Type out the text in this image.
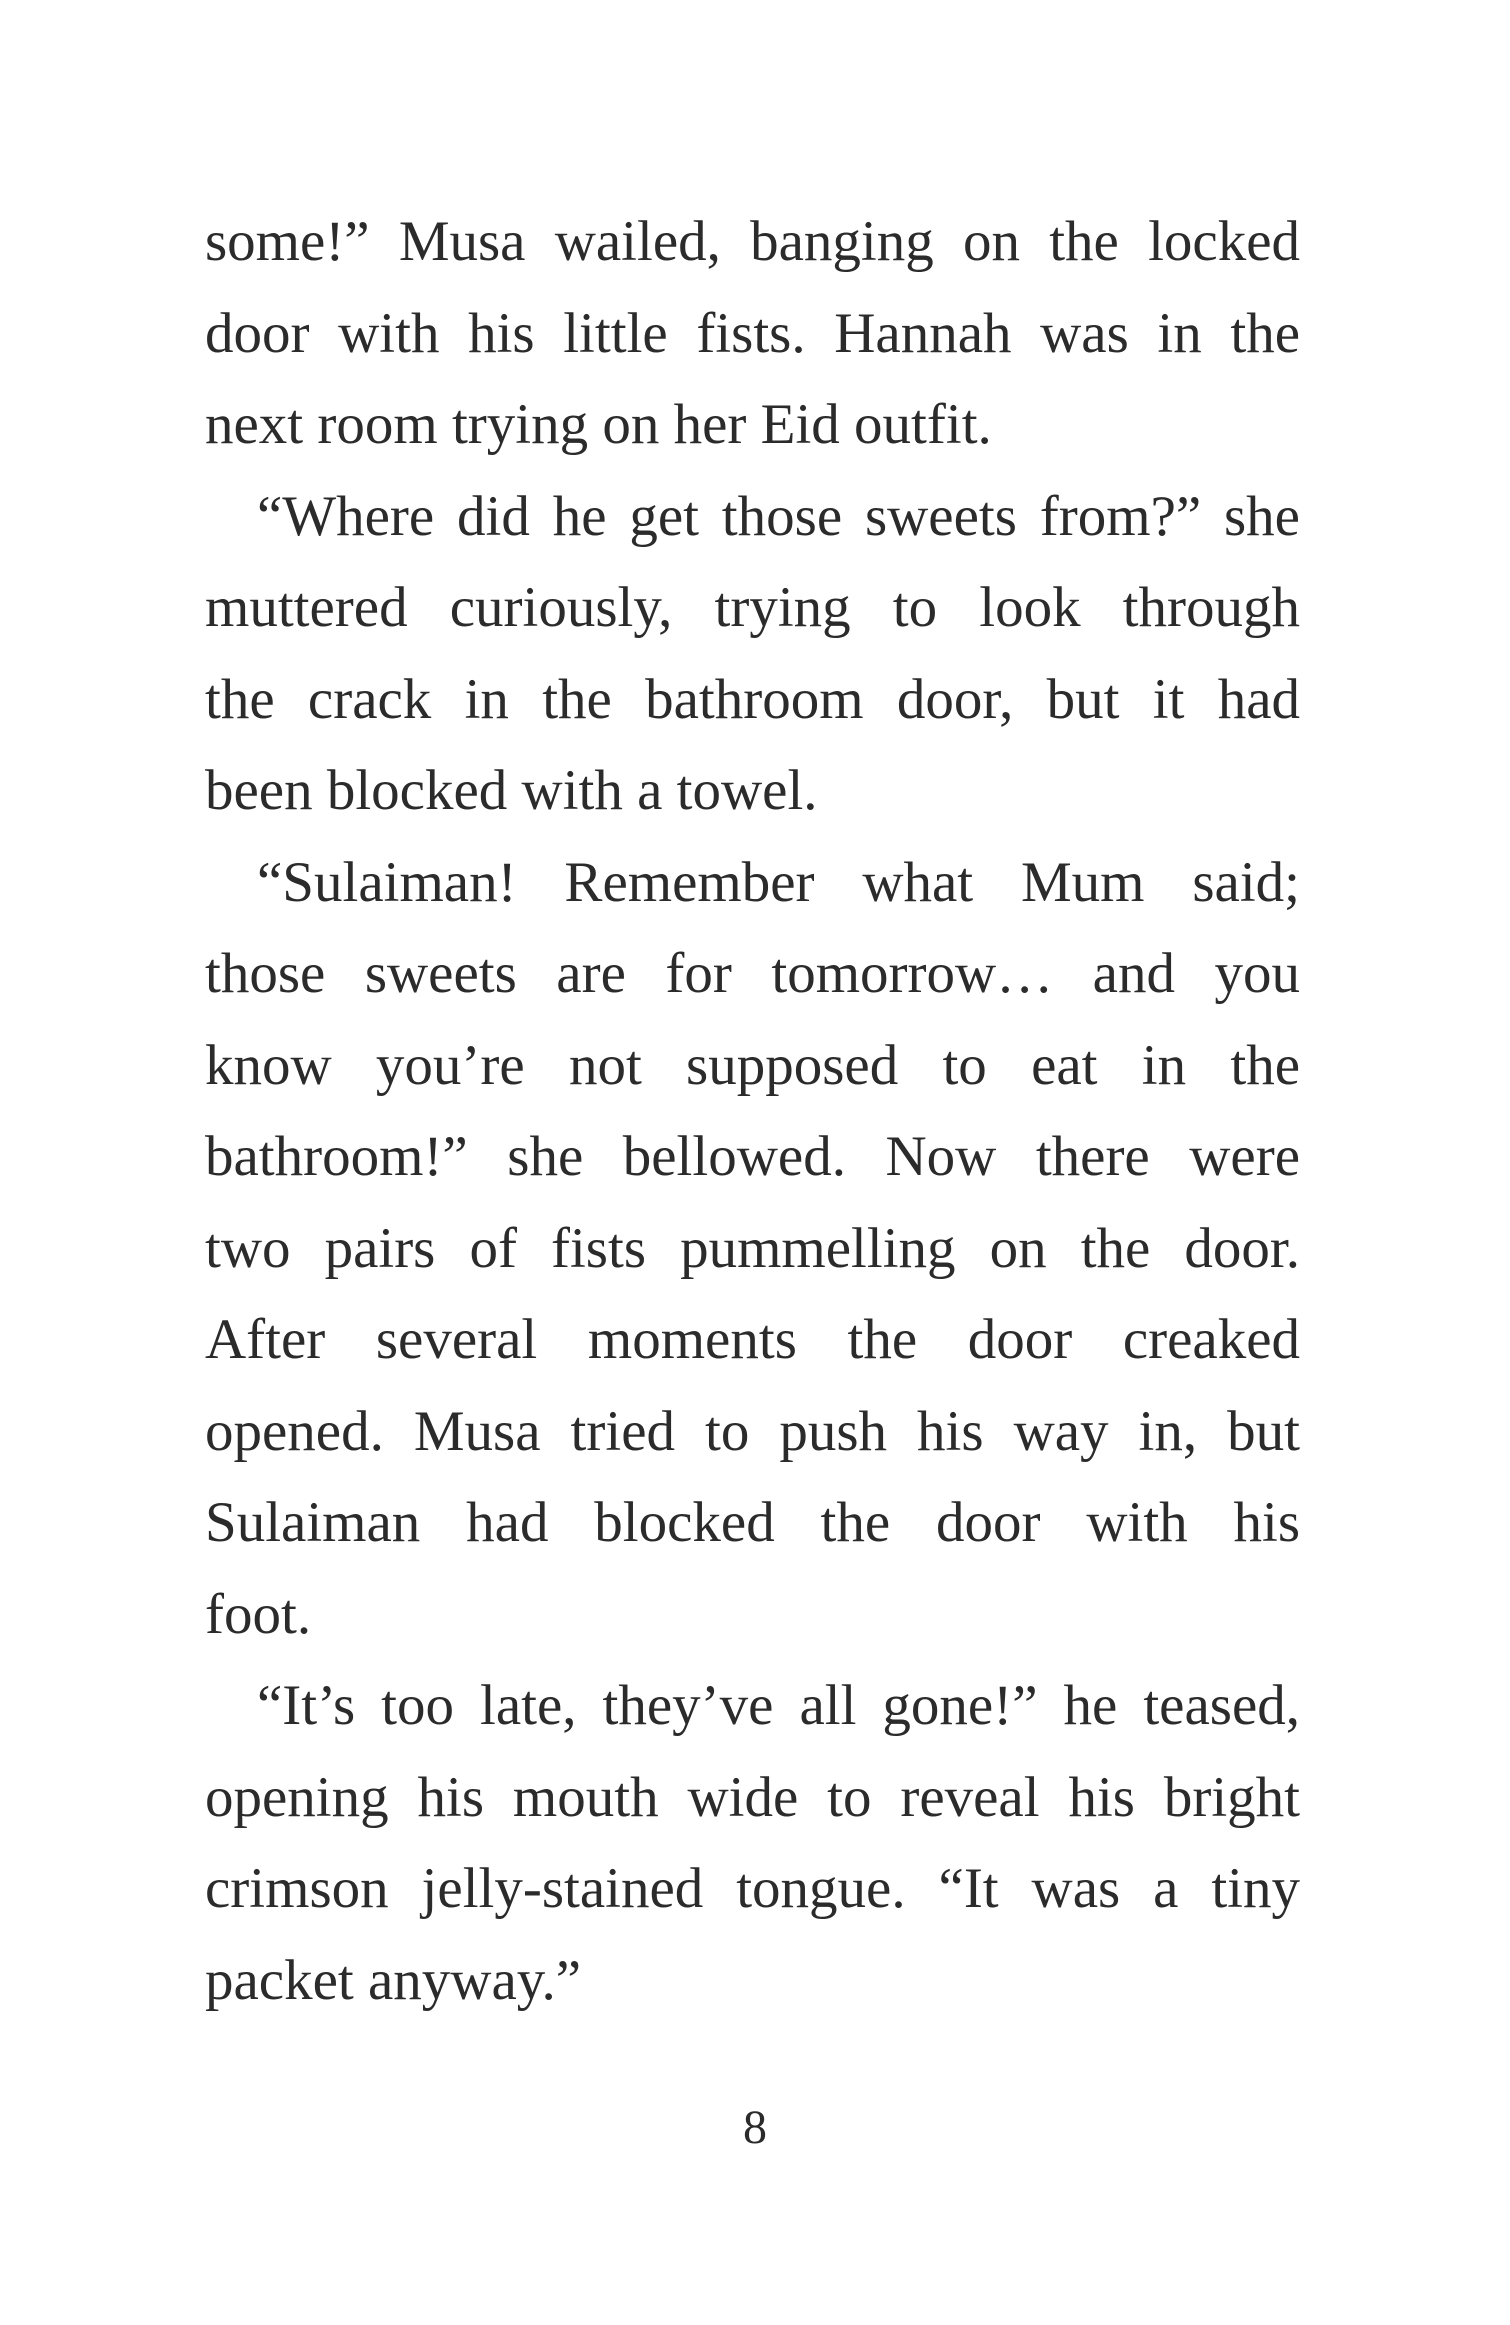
some!” Musa wailed, banging on the locked
door with his little fists. Hannah was in the
next room trying on her Eid outfit.
“Where did he get those sweets from?” she
muttered curiously, trying to look through
the crack in the bathroom door, but it had
been blocked with a towel.
“Sulaiman! Remember what Mum said;
those sweets are for tomorrow… and you
know you’re not supposed to eat in the
bathroom!” she bellowed. Now there were
two pairs of fists pummelling on the door.
After several moments the door creaked
opened. Musa tried to push his way in, but
Sulaiman had blocked the door with his
foot.
“It’s too late, they’ve all gone!” he teased,
opening his mouth wide to reveal his bright
crimson jelly-stained tongue. “It was a tiny
packet anyway.”
8
